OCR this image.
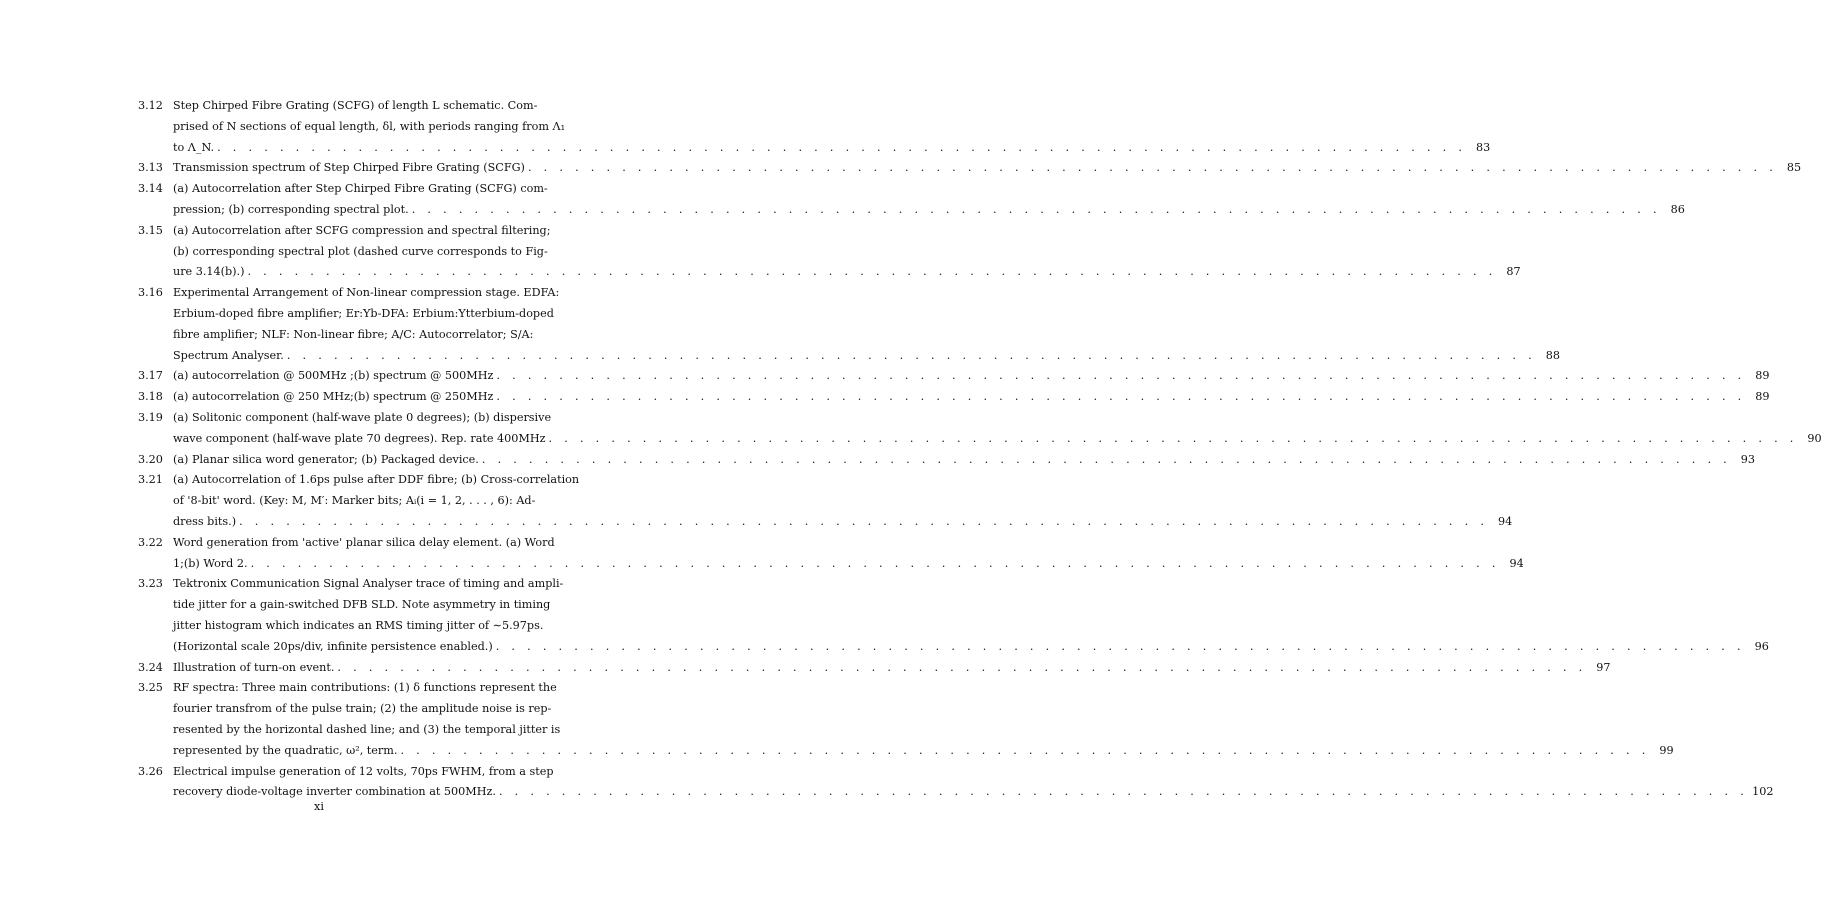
3.12 Step Chirped Fibre Grating (SCFG) of length L schematic. Com-
prised of N sections of equal length, δl, with periods ranging from Λ₁
to Λ_N. . . . . . . . . . . . . . . . . . . . . . . . . . . . . . . . . . . . . . . . . . . . . . . . . . . . . . . . . . . . . . . . . . . . . . . . . . . . . . . . . 83
3.13 Transmission spectrum of Step Chirped Fibre Grating (SCFG) . . . . . . . . . . . . . . . . . . . . . . . . . . . . . . . . . . . . . . . . . . . . . . . . . . . . . . . . . . . . . . . . . . . . . . . . . . . . . . . . 85
3.14 (a) Autocorrelation after Step Chirped Fibre Grating (SCFG) com-
pression; (b) corresponding spectral plot. . . . . . . . . . . . . . . . . . . . . . . . . . . . . . . . . . . . . . . . . . . . . . . . . . . . . . . . . . . . . . . . . . . . . . . . . . . . . . . . . 86
3.15 (a) Autocorrelation after SCFG compression and spectral filtering;
(b) corresponding spectral plot (dashed curve corresponds to Fig-
ure 3.14(b).) . . . . . . . . . . . . . . . . . . . . . . . . . . . . . . . . . . . . . . . . . . . . . . . . . . . . . . . . . . . . . . . . . . . . . . . . . . . . . . . . 87
3.16 Experimental Arrangement of Non-linear compression stage. EDFA:
Erbium-doped fibre amplifier; Er:Yb-DFA: Erbium:Ytterbium-doped
fibre amplifier; NLF: Non-linear fibre; A/C: Autocorrelator; S/A:
Spectrum Analyser. . . . . . . . . . . . . . . . . . . . . . . . . . . . . . . . . . . . . . . . . . . . . . . . . . . . . . . . . . . . . . . . . . . . . . . . . . . . . . . . . 88
3.17 (a) autocorrelation @ 500MHz ;(b) spectrum @ 500MHz . . . . . . . . . . . . . . . . . . . . . . . . . . . . . . . . . . . . . . . . . . . . . . . . . . . . . . . . . . . . . . . . . . . . . . . . . . . . . . . . 89
3.18 (a) autocorrelation @ 250 MHz;(b) spectrum @ 250MHz . . . . . . . . . . . . . . . . . . . . . . . . . . . . . . . . . . . . . . . . . . . . . . . . . . . . . . . . . . . . . . . . . . . . . . . . . . . . . . . . 89
3.19 (a) Solitonic component (half-wave plate 0 degrees); (b) dispersive
wave component (half-wave plate 70 degrees). Rep. rate 400MHz . . . . . . . . . . . . . . . . . . . . . . . . . . . . . . . . . . . . . . . . . . . . . . . . . . . . . . . . . . . . . . . . . . . . . . . . . . . . . . . . 90
3.20 (a) Planar silica word generator; (b) Packaged device. . . . . . . . . . . . . . . . . . . . . . . . . . . . . . . . . . . . . . . . . . . . . . . . . . . . . . . . . . . . . . . . . . . . . . . . . . . . . . . . . 93
3.21 (a) Autocorrelation of 1.6ps pulse after DDF fibre; (b) Cross-correlation
of '8-bit' word. (Key: M, M′: Marker bits; Aᵢ(i = 1, 2, . . . , 6): Ad-
dress bits.) . . . . . . . . . . . . . . . . . . . . . . . . . . . . . . . . . . . . . . . . . . . . . . . . . . . . . . . . . . . . . . . . . . . . . . . . . . . . . . . . 94
3.22 Word generation from 'active' planar silica delay element. (a) Word
1;(b) Word 2. . . . . . . . . . . . . . . . . . . . . . . . . . . . . . . . . . . . . . . . . . . . . . . . . . . . . . . . . . . . . . . . . . . . . . . . . . . . . . . . . 94
3.23 Tektronix Communication Signal Analyser trace of timing and ampli-
tide jitter for a gain-switched DFB SLD. Note asymmetry in timing
jitter histogram which indicates an RMS timing jitter of ∼5.97ps.
(Horizontal scale 20ps/div, infinite persistence enabled.) . . . . . . . . . . . . . . . . . . . . . . . . . . . . . . . . . . . . . . . . . . . . . . . . . . . . . . . . . . . . . . . . . . . . . . . . . . . . . . . . 96
3.24 Illustration of turn-on event. . . . . . . . . . . . . . . . . . . . . . . . . . . . . . . . . . . . . . . . . . . . . . . . . . . . . . . . . . . . . . . . . . . . . . . . . . . . . . . . . 97
3.25 RF spectra: Three main contributions: (1) δ functions represent the
fourier transfrom of the pulse train; (2) the amplitude noise is rep-
resented by the horizontal dashed line; and (3) the temporal jitter is
represented by the quadratic, ω², term. . . . . . . . . . . . . . . . . . . . . . . . . . . . . . . . . . . . . . . . . . . . . . . . . . . . . . . . . . . . . . . . . . . . . . . . . . . . . . . . . 99
3.26 Electrical impulse generation of 12 volts, 70ps FWHM, from a step
recovery diode-voltage inverter combination at 500MHz. . . . . . . . . . . . . . . . . . . . . . . . . . . . . . . . . . . . . . . . . . . . . . . . . . . . . . . . . . . . . . . . . . . . . . . . . . . . . . . . . 102
xi
